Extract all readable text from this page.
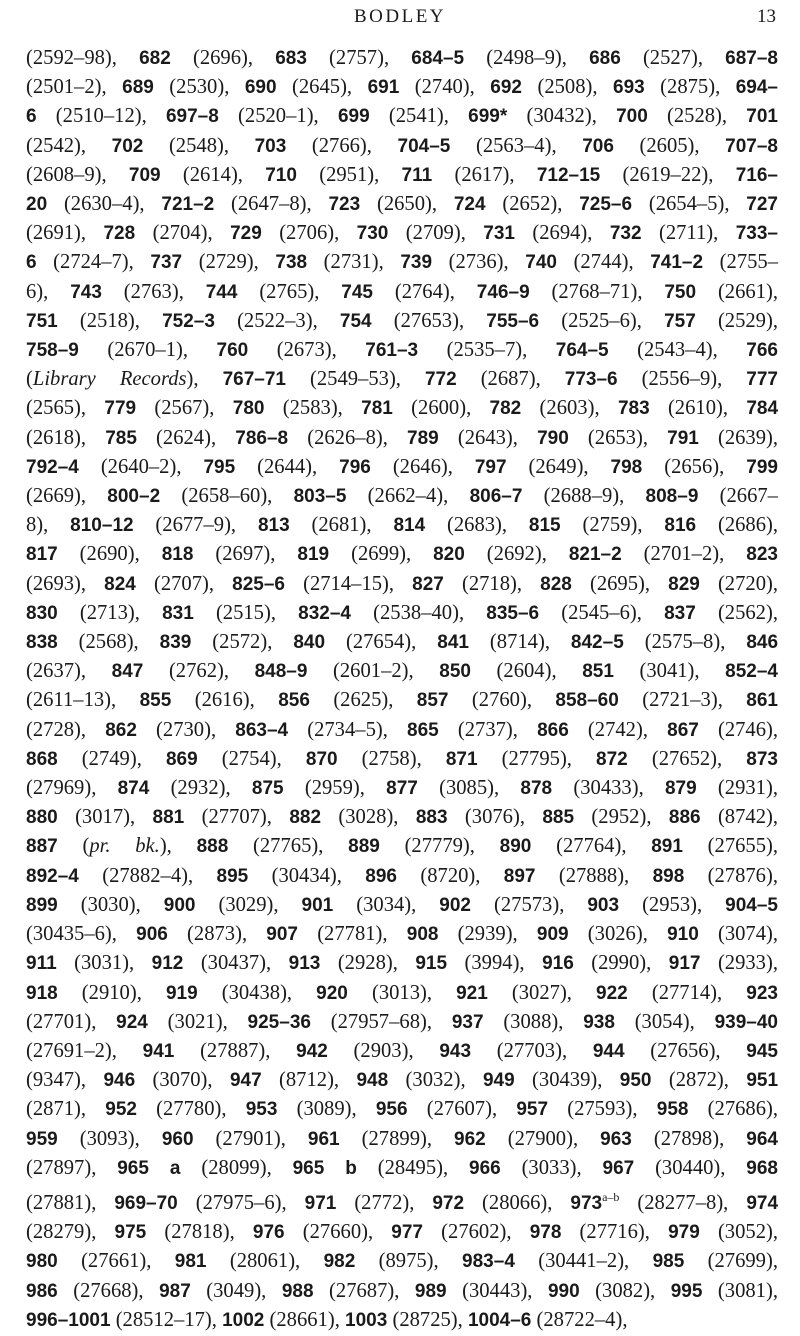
BODLEY	13
(2592–98), 682 (2696), 683 (2757), 684–5 (2498–9), 686 (2527), 687–8
(2501–2), 689 (2530), 690 (2645), 691 (2740), 692 (2508), 693 (2875), 694–
6 (2510–12), 697–8 (2520–1), 699 (2541), 699* (30432), 700 (2528), 701
(2542), 702 (2548), 703 (2766), 704–5 (2563–4), 706 (2605), 707–8
(2608–9), 709 (2614), 710 (2951), 711 (2617), 712–15 (2619–22), 716–
20 (2630–4), 721–2 (2647–8), 723 (2650), 724 (2652), 725–6 (2654–5), 727
(2691), 728 (2704), 729 (2706), 730 (2709), 731 (2694), 732 (2711), 733–
6 (2724–7), 737 (2729), 738 (2731), 739 (2736), 740 (2744), 741–2 (2755–
6), 743 (2763), 744 (2765), 745 (2764), 746–9 (2768–71), 750 (2661),
751 (2518), 752–3 (2522–3), 754 (27653), 755–6 (2525–6), 757 (2529),
758–9 (2670–1), 760 (2673), 761–3 (2535–7), 764–5 (2543–4), 766
(Library Records), 767–71 (2549–53), 772 (2687), 773–6 (2556–9), 777
(2565), 779 (2567), 780 (2583), 781 (2600), 782 (2603), 783 (2610), 784
(2618), 785 (2624), 786–8 (2626–8), 789 (2643), 790 (2653), 791 (2639),
792–4 (2640–2), 795 (2644), 796 (2646), 797 (2649), 798 (2656), 799
(2669), 800–2 (2658–60), 803–5 (2662–4), 806–7 (2688–9), 808–9 (2667–
8), 810–12 (2677–9), 813 (2681), 814 (2683), 815 (2759), 816 (2686),
817 (2690), 818 (2697), 819 (2699), 820 (2692), 821–2 (2701–2), 823
(2693), 824 (2707), 825–6 (2714–15), 827 (2718), 828 (2695), 829 (2720),
830 (2713), 831 (2515), 832–4 (2538–40), 835–6 (2545–6), 837 (2562),
838 (2568), 839 (2572), 840 (27654), 841 (8714), 842–5 (2575–8), 846
(2637), 847 (2762), 848–9 (2601–2), 850 (2604), 851 (3041), 852–4
(2611–13), 855 (2616), 856 (2625), 857 (2760), 858–60 (2721–3), 861
(2728), 862 (2730), 863–4 (2734–5), 865 (2737), 866 (2742), 867 (2746),
868 (2749), 869 (2754), 870 (2758), 871 (27795), 872 (27652), 873
(27969), 874 (2932), 875 (2959), 877 (3085), 878 (30433), 879 (2931),
880 (3017), 881 (27707), 882 (3028), 883 (3076), 885 (2952), 886 (8742),
887 (pr. bk.), 888 (27765), 889 (27779), 890 (27764), 891 (27655),
892–4 (27882–4), 895 (30434), 896 (8720), 897 (27888), 898 (27876),
899 (3030), 900 (3029), 901 (3034), 902 (27573), 903 (2953), 904–5
(30435–6), 906 (2873), 907 (27781), 908 (2939), 909 (3026), 910 (3074),
911 (3031), 912 (30437), 913 (2928), 915 (3994), 916 (2990), 917 (2933),
918 (2910), 919 (30438), 920 (3013), 921 (3027), 922 (27714), 923
(27701), 924 (3021), 925–36 (27957–68), 937 (3088), 938 (3054), 939–40
(27691–2), 941 (27887), 942 (2903), 943 (27703), 944 (27656), 945
(9347), 946 (3070), 947 (8712), 948 (3032), 949 (30439), 950 (2872), 951
(2871), 952 (27780), 953 (3089), 956 (27607), 957 (27593), 958 (27686),
959 (3093), 960 (27901), 961 (27899), 962 (27900), 963 (27898), 964
(27897), 965 a (28099), 965 b (28495), 966 (3033), 967 (30440), 968
(27881), 969–70 (27975–6), 971 (2772), 972 (28066), 973$^{a-b}$ (28277–8), 974
(28279), 975 (27818), 976 (27660), 977 (27602), 978 (27716), 979 (3052),
980 (27661), 981 (28061), 982 (8975), 983–4 (30441–2), 985 (27699),
986 (27668), 987 (3049), 988 (27687), 989 (30443), 990 (3082), 995 (3081),
996–1001 (28512–17), 1002 (28661), 1003 (28725), 1004–6 (28722–4),
